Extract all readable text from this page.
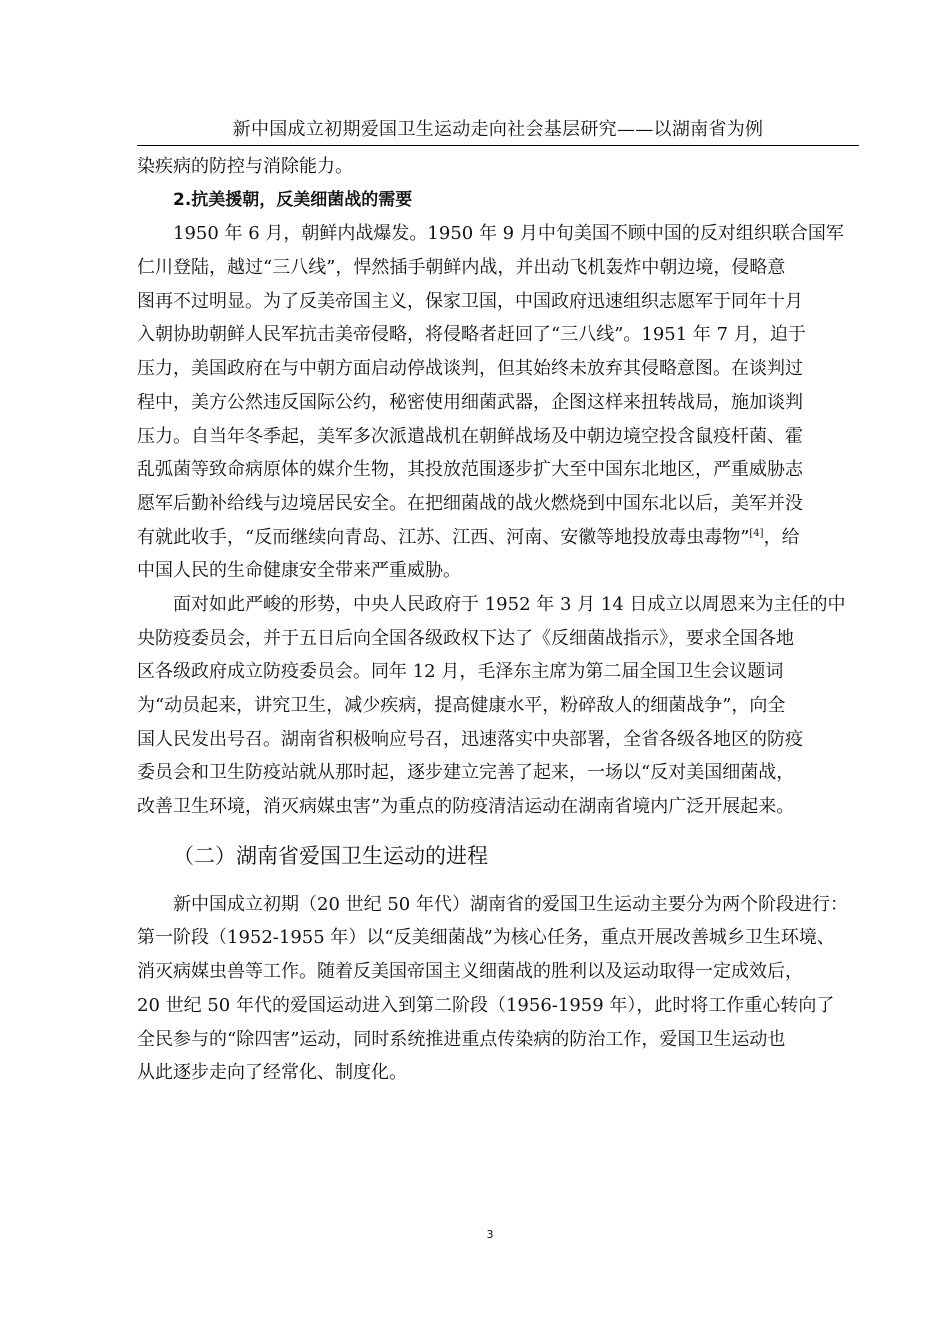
新中国成立初期爱国卫生运动走向社会基层研究——以湖南省为例
染疾病的防控与消除能力。
2.抗美援朝，反美细菌战的需要
1950 年 6 月，朝鲜内战爆发。1950 年 9 月中旬美国不顾中国的反对组织联合国军
仁川登陆，越过“三八线”，悍然插手朝鲜内战，并出动飞机轰炸中朝边境，侵略意
图再不过明显。为了反美帝国主义，保家卫国，中国政府迅速组织志愿军于同年十月
入朝协助朝鲜人民军抗击美帝侵略，将侵略者赶回了“三八线”。1951 年 7 月，迫于
压力，美国政府在与中朝方面启动停战谈判，但其始终未放弃其侵略意图。在谈判过
程中，美方公然违反国际公约，秘密使用细菌武器，企图这样来扭转战局，施加谈判
压力。自当年冬季起，美军多次派遣战机在朝鲜战场及中朝边境空投含鼠疫杆菌、霍
乱弧菌等致命病原体的媒介生物，其投放范围逐步扩大至中国东北地区，严重威胁志
愿军后勤补给线与边境居民安全。在把细菌战的战火燃烧到中国东北以后，美军并没
有就此收手，“反而继续向青岛、江苏、江西、河南、安徽等地投放毒虫毒物”[4]，给
中国人民的生命健康安全带来严重威胁。
面对如此严峻的形势，中央人民政府于 1952 年 3 月 14 日成立以周恩来为主任的中
央防疫委员会，并于五日后向全国各级政权下达了《反细菌战指示》，要求全国各地
区各级政府成立防疫委员会。同年 12 月，毛泽东主席为第二届全国卫生会议题词
为“动员起来，讲究卫生，减少疾病，提高健康水平，粉碎敌人的细菌战争”，向全
国人民发出号召。湖南省积极响应号召，迅速落实中央部署，全省各级各地区的防疫
委员会和卫生防疫站就从那时起，逐步建立完善了起来，一场以“反对美国细菌战，
改善卫生环境，消灭病媒虫害”为重点的防疫清洁运动在湖南省境内广泛开展起来。
（二）湖南省爱国卫生运动的进程
新中国成立初期（20 世纪 50 年代）湖南省的爱国卫生运动主要分为两个阶段进行：
第一阶段（1952-1955 年）以“反美细菌战”为核心任务，重点开展改善城乡卫生环境、
消灭病媒虫兽等工作。随着反美国帝国主义细菌战的胜利以及运动取得一定成效后，
20 世纪 50 年代的爱国运动进入到第二阶段（1956-1959 年），此时将工作重心转向了
全民参与的“除四害”运动，同时系统推进重点传染病的防治工作，爱国卫生运动也
从此逐步走向了经常化、制度化。
3
